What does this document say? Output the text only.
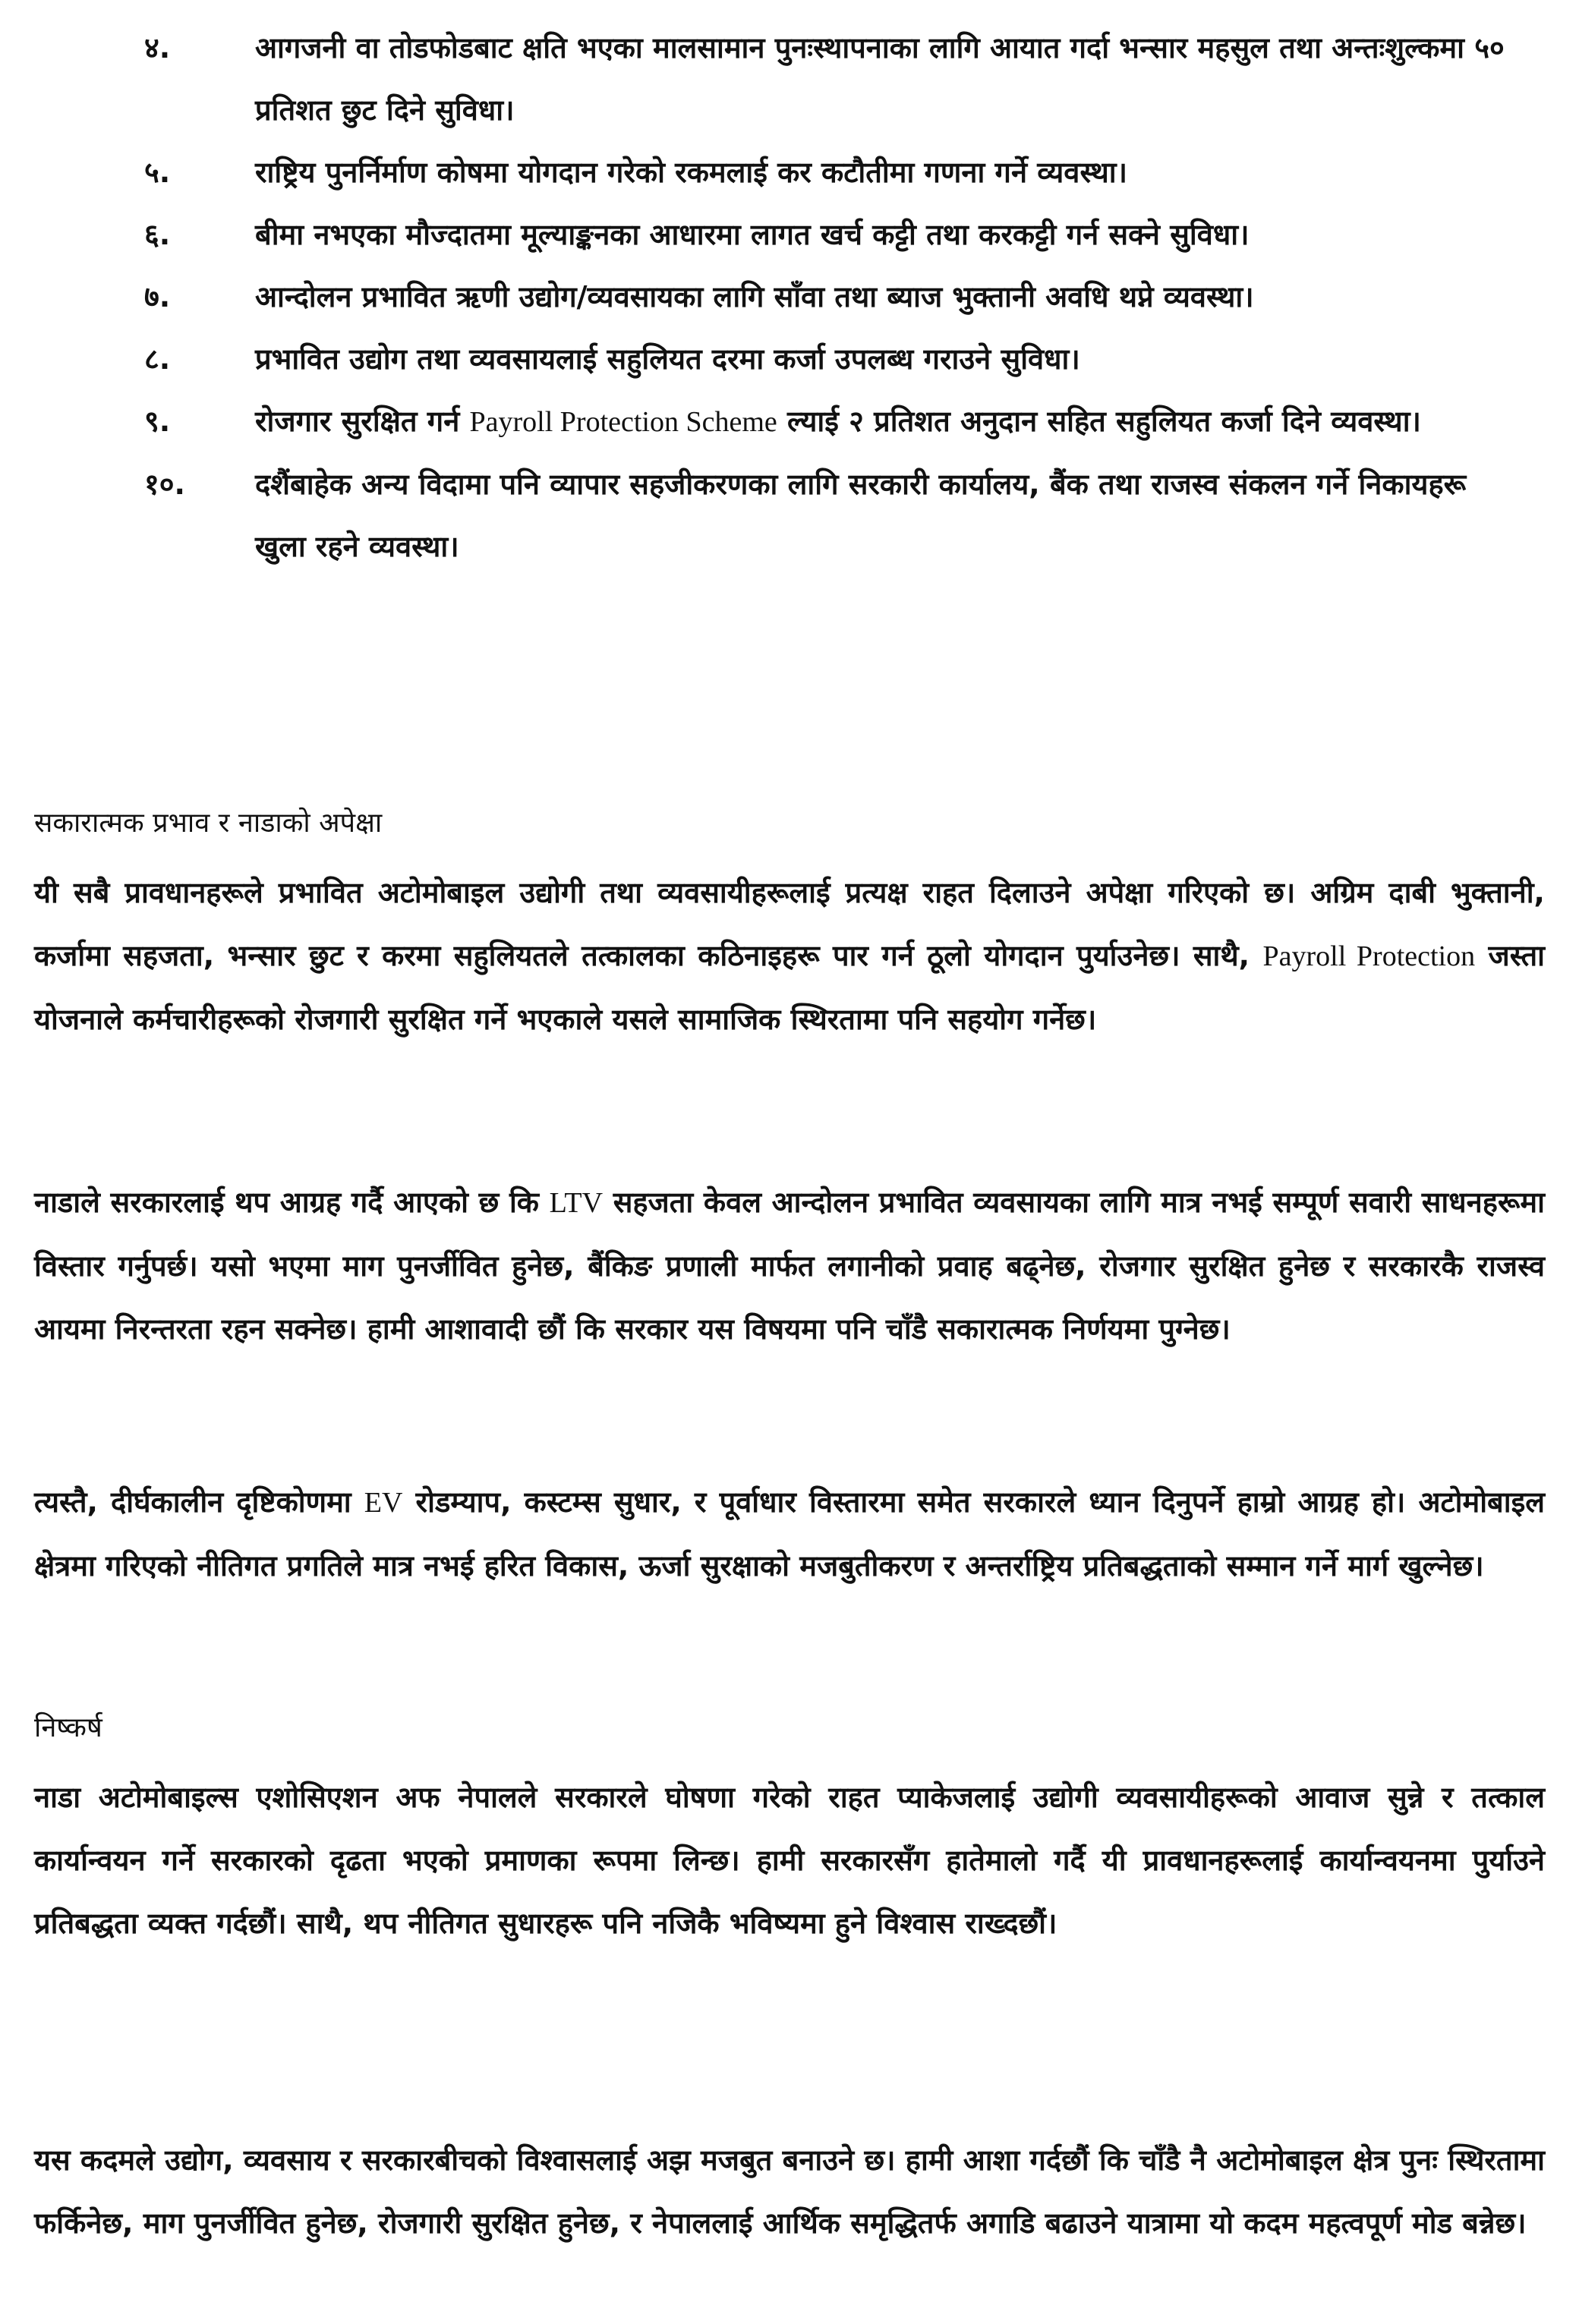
४.	आगजनी वा तोडफोडबाट क्षति भएका मालसामान पुनःस्थापनाका लागि आयात गर्दा भन्सार महसुल तथा अन्तःशुल्कमा ५० प्रतिशत छुट दिने सुविधा।
५.	राष्ट्रिय पुनर्निर्माण कोषमा योगदान गरेको रकमलाई कर कटौतीमा गणना गर्ने व्यवस्था।
६.	बीमा नभएका मौज्दातमा मूल्याङ्कनका आधारमा लागत खर्च कट्टी तथा करकट्टी गर्न सक्ने सुविधा।
७.	आन्दोलन प्रभावित ऋणी उद्योग/व्यवसायका लागि साँवा तथा ब्याज भुक्तानी अवधि थप्ने व्यवस्था।
८.	प्रभावित उद्योग तथा व्यवसायलाई सहुलियत दरमा कर्जा उपलब्ध गराउने सुविधा।
९.	रोजगार सुरक्षित गर्न Payroll Protection Scheme ल्याई २ प्रतिशत अनुदान सहित सहुलियत कर्जा दिने व्यवस्था।
१०.	दशैंबाहेक अन्य विदामा पनि व्यापार सहजीकरणका लागि सरकारी कार्यालय, बैंक तथा राजस्व संकलन गर्ने निकायहरू खुला रहने व्यवस्था।
सकारात्मक प्रभाव र नाडाको अपेक्षा

यी सबै प्रावधानहरूले प्रभावित अटोमोबाइल उद्योगी तथा व्यवसायीहरूलाई प्रत्यक्ष राहत दिलाउने अपेक्षा गरिएको छ। अग्रिम दाबी भुक्तानी, कर्जामा सहजता, भन्सार छुट र करमा सहुलियतले तत्कालका कठिनाइहरू पार गर्न ठूलो योगदान पुर्याउनेछ। साथै, Payroll Protection जस्ता योजनाले कर्मचारीहरूको रोजगारी सुरक्षित गर्ने भएकाले यसले सामाजिक स्थिरतामा पनि सहयोग गर्नेछ।

नाडाले सरकारलाई थप आग्रह गर्दै आएको छ कि LTV सहजता केवल आन्दोलन प्रभावित व्यवसायका लागि मात्र नभई सम्पूर्ण सवारी साधनहरूमा विस्तार गर्नुपर्छ। यसो भएमा माग पुनर्जीवित हुनेछ, बैंकिङ प्रणाली मार्फत लगानीको प्रवाह बढ्नेछ, रोजगार सुरक्षित हुनेछ र सरकारकै राजस्व आयमा निरन्तरता रहन सक्नेछ। हामी आशावादी छौं कि सरकार यस विषयमा पनि चाँडै सकारात्मक निर्णयमा पुग्नेछ।

त्यस्तै, दीर्घकालीन दृष्टिकोणमा EV रोडम्याप, कस्टम्स सुधार, र पूर्वाधार विस्तारमा समेत सरकारले ध्यान दिनुपर्ने हाम्रो आग्रह हो। अटोमोबाइल क्षेत्रमा गरिएको नीतिगत प्रगतिले मात्र नभई हरित विकास, ऊर्जा सुरक्षाको मजबुतीकरण र अन्तर्राष्ट्रिय प्रतिबद्धताको सम्मान गर्ने मार्ग खुल्नेछ।

निष्कर्ष

नाडा अटोमोबाइल्स एशोसिएशन अफ नेपालले सरकारले घोषणा गरेको राहत प्याकेजलाई उद्योगी व्यवसायीहरूको आवाज सुन्ने र तत्काल कार्यान्वयन गर्ने सरकारको दृढता भएको प्रमाणका रूपमा लिन्छ। हामी सरकारसँग हातेमालो गर्दै यी प्रावधानहरूलाई कार्यान्वयनमा पुर्याउने प्रतिबद्धता व्यक्त गर्दछौं। साथै, थप नीतिगत सुधारहरू पनि नजिकै भविष्यमा हुने विश्वास राख्दछौं।

यस कदमले उद्योग, व्यवसाय र सरकारबीचको विश्वासलाई अझ मजबुत बनाउने छ। हामी आशा गर्दछौं कि चाँडै नै अटोमोबाइल क्षेत्र पुनः स्थिरतामा फर्किनेछ, माग पुनर्जीवित हुनेछ, रोजगारी सुरक्षित हुनेछ, र नेपाललाई आर्थिक समृद्धितर्फ अगाडि बढाउने यात्रामा यो कदम महत्वपूर्ण मोड बन्नेछ।
